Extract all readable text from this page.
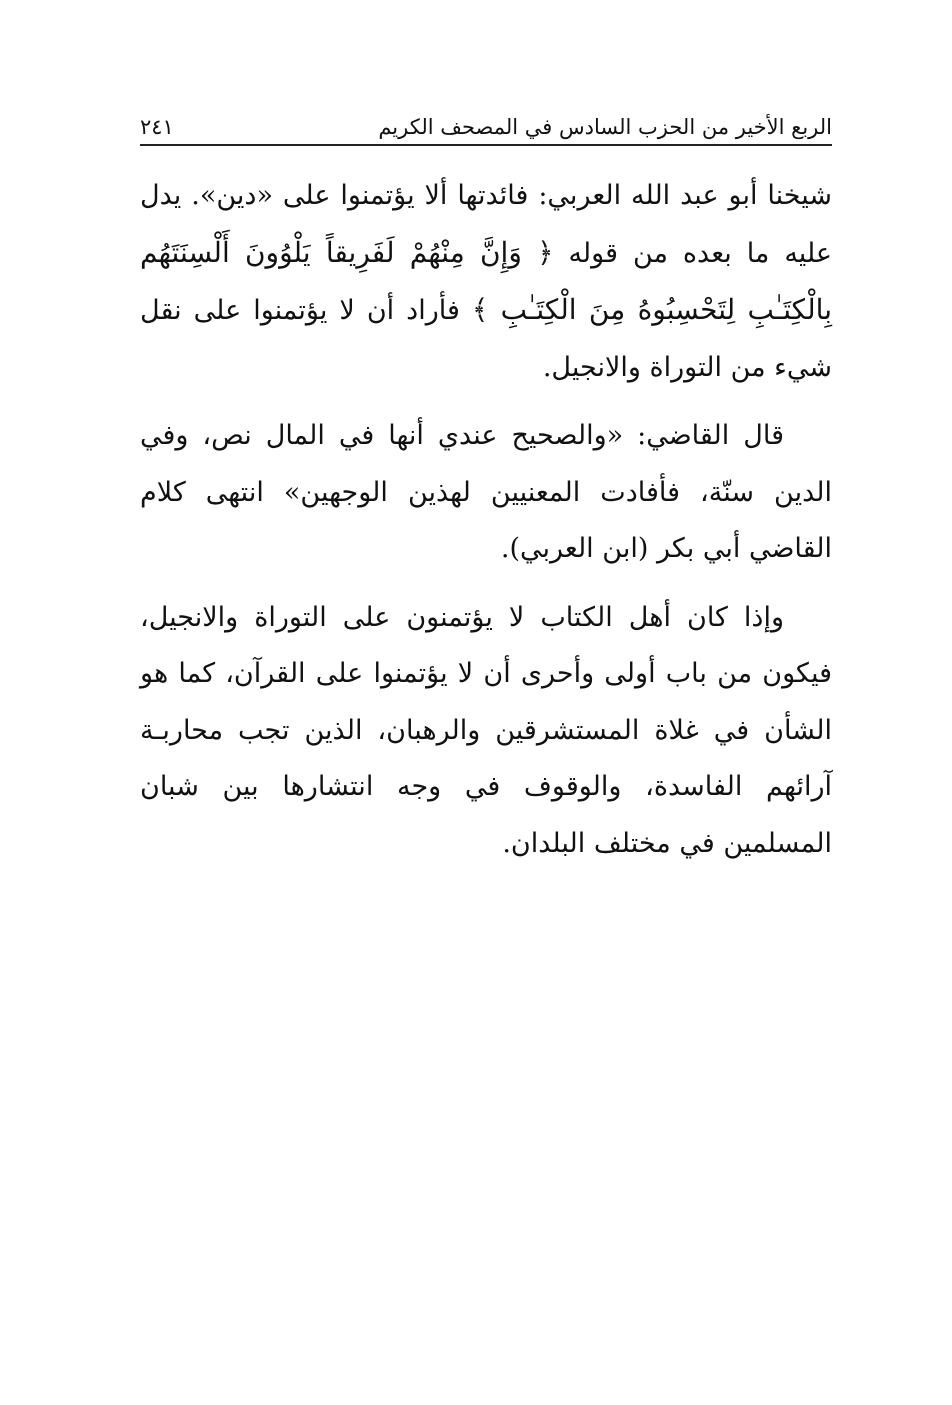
الربع الأخير من الحزب السادس في المصحف الكريم
٢٤١

شيخنا أبو عبد الله العربي: فائدتها ألا يؤتمنوا على «دين». يدل عليه ما بعده من قوله ﴿ وَإِنَّ مِنْهُمْ لَفَرِيقاً يَلْوُونَ أَلْسِنَتَهُم بِالْكِتَـٰبِ لِتَحْسِبُوهُ مِنَ الْكِتَـٰبِ ﴾ فأراد أن لا يؤتمنوا على نقل شيء من التوراة والانجيل.

قال القاضي: «والصحيح عندي أنها في المال نص، وفي الدين سنّة، فأفادت المعنيين لهذين الوجهين» انتهى كلام القاضي أبي بكر (ابن العربي).

وإذا كان أهل الكتاب لا يؤتمنون على التوراة والانجيل، فيكون من باب أولى وأحرى أن لا يؤتمنوا على القرآن، كما هو الشأن في غلاة المستشرقين والرهبان، الذين تجب محاربـة آرائهم الفاسدة، والوقوف في وجه انتشارها بين شبان المسلمين في مختلف البلدان.
